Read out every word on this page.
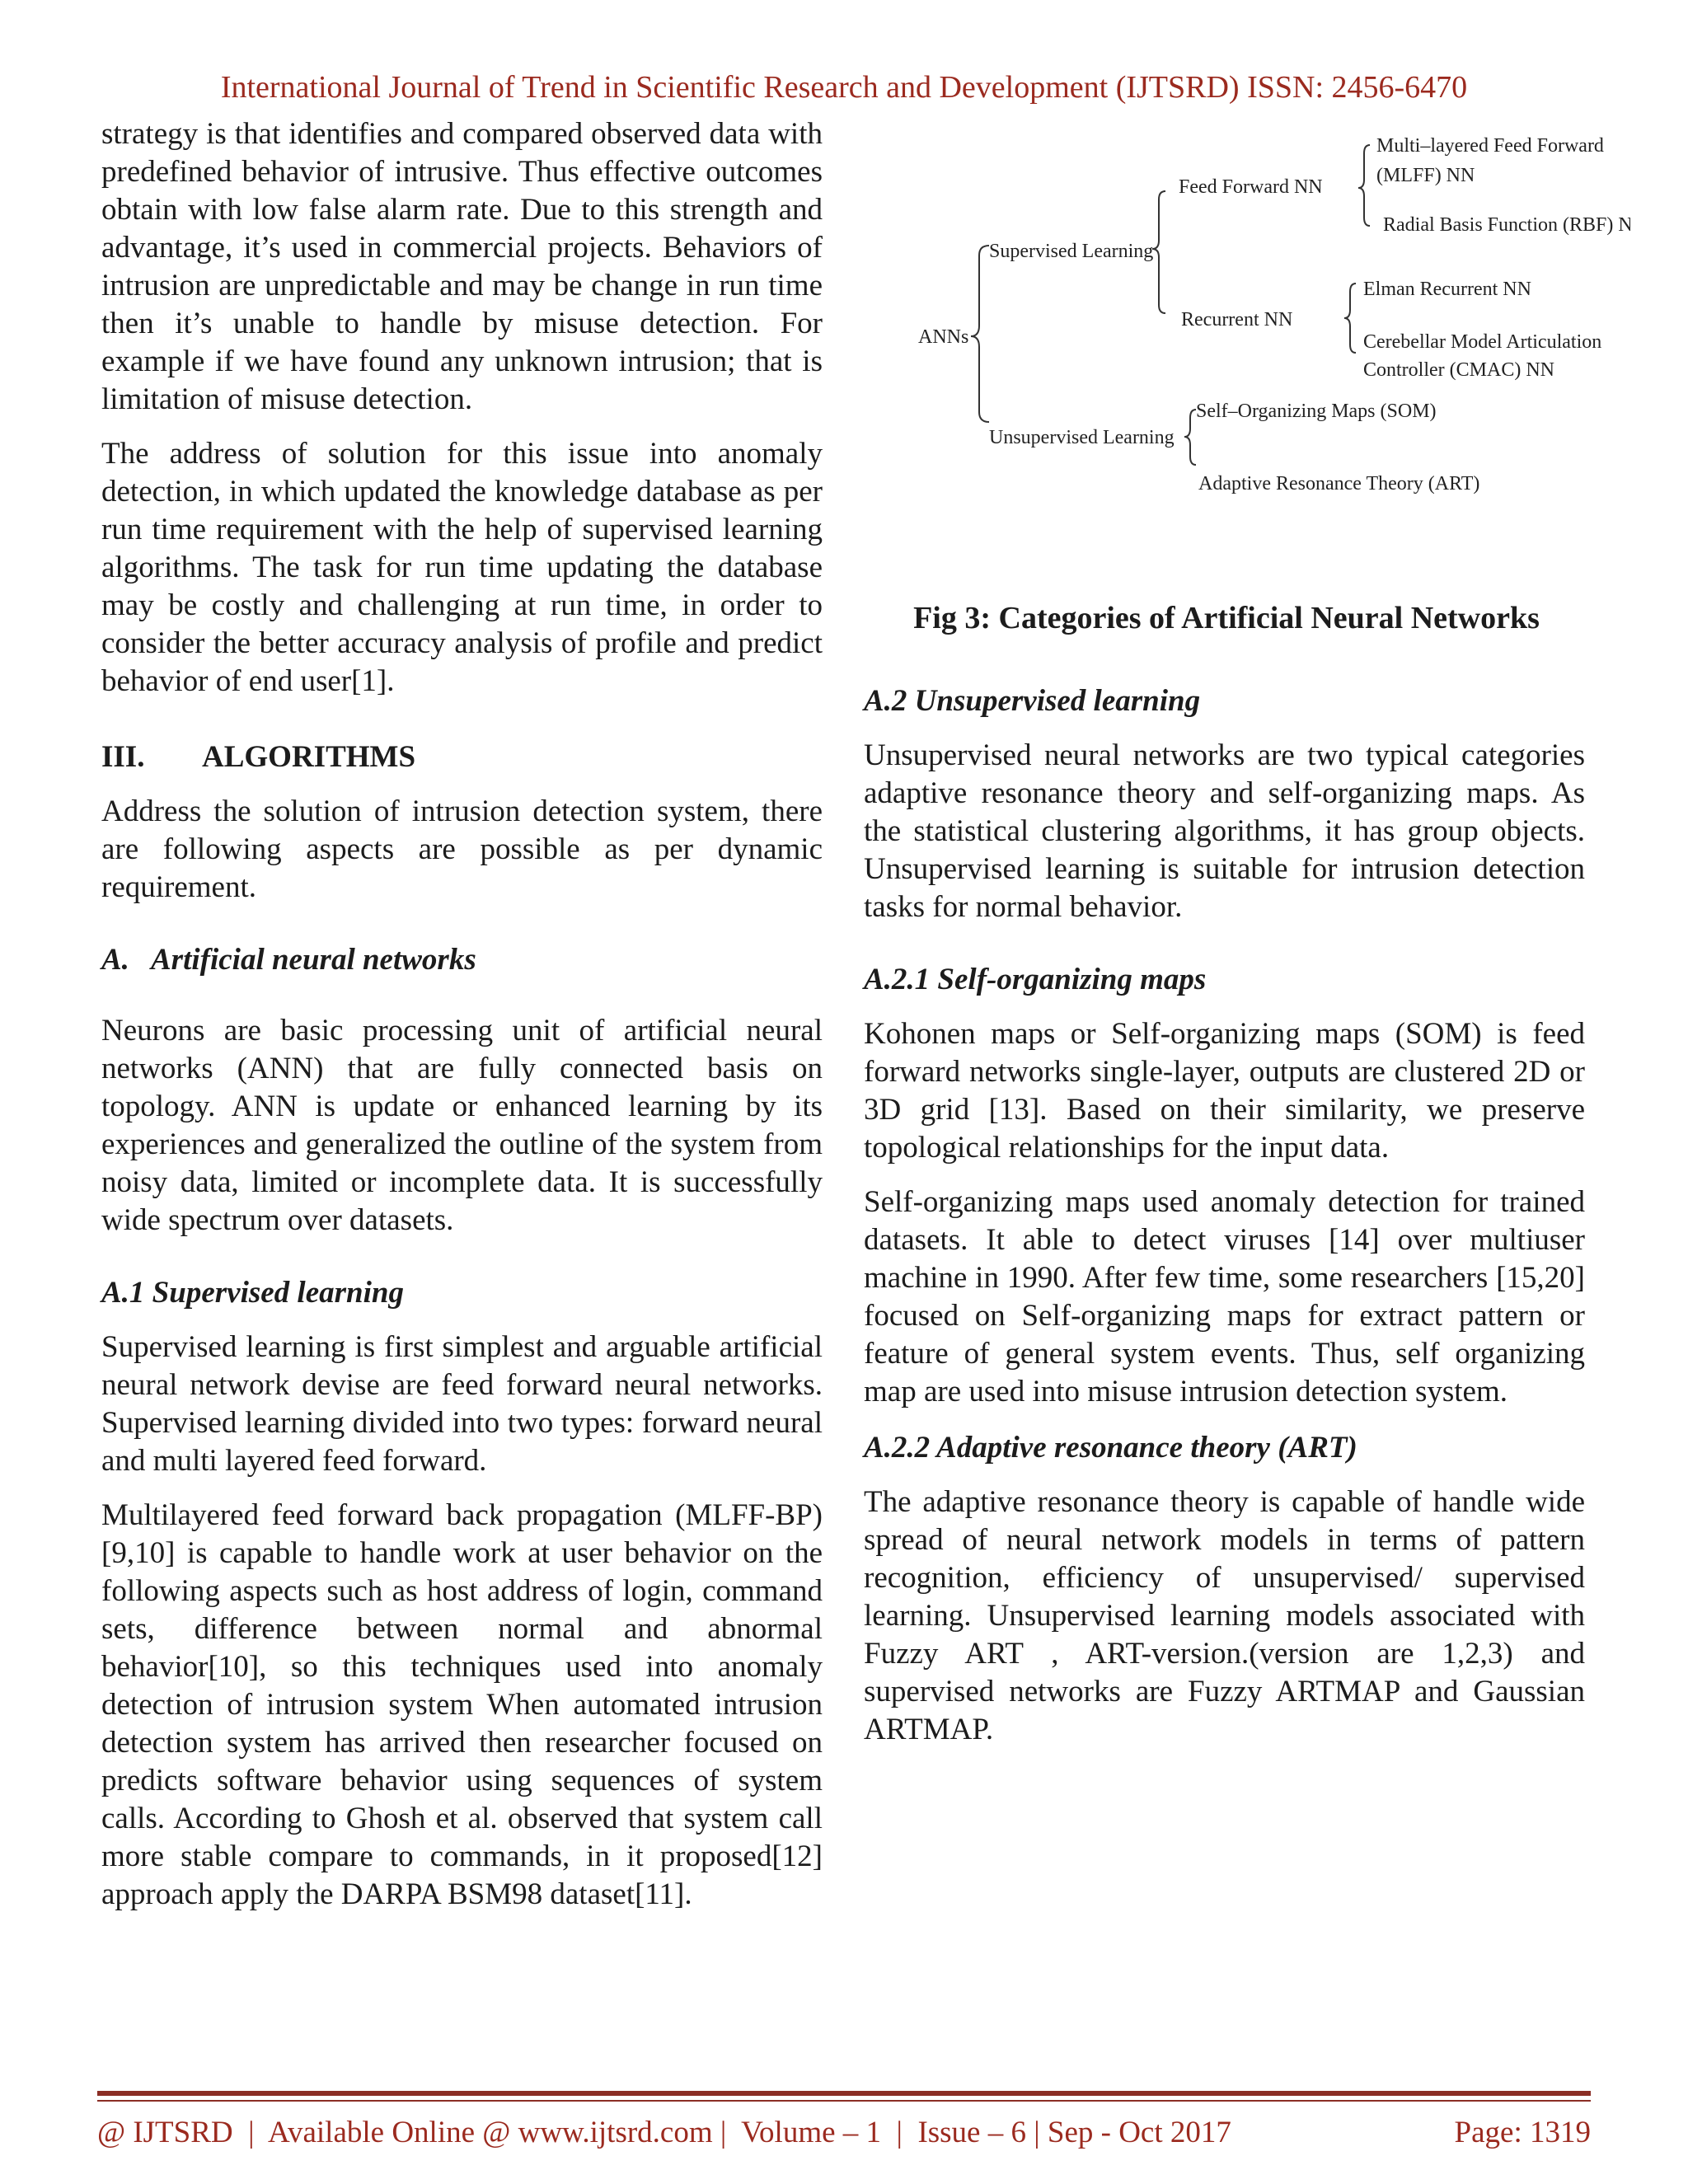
International Journal of Trend in Scientific Research and Development (IJTSRD) ISSN: 2456-6470

strategy is that identifies and compared observed data with predefined behavior of intrusive. Thus effective outcomes obtain with low false alarm rate. Due to this strength and advantage, it’s used in commercial projects. Behaviors of intrusion are unpredictable and may be change in run time then it’s unable to handle by misuse detection. For example if we have found any unknown intrusion; that is limitation of misuse detection.

The address of solution for this issue into anomaly detection, in which updated the knowledge database as per run time requirement with the help of supervised learning algorithms. The task for run time updating the database may be costly and challenging at run time, in order to consider the better accuracy analysis of profile and predict behavior of end user[1].

III. ALGORITHMS

Address the solution of intrusion detection system, there are following aspects are possible as per dynamic requirement.

A. Artificial neural networks

Neurons are basic processing unit of artificial neural networks (ANN) that are fully connected basis on topology. ANN is update or enhanced learning by its experiences and generalized the outline of the system from noisy data, limited or incomplete data. It is successfully wide spectrum over datasets.

A.1 Supervised learning

Supervised learning is first simplest and arguable artificial neural network devise are feed forward neural networks. Supervised learning divided into two types: forward neural and multi layered feed forward.

Multilayered feed forward back propagation (MLFF-BP)[9,10] is capable to handle work at user behavior on the following aspects such as host address of login, command sets, difference between normal and abnormal behavior[10], so this techniques used into anomaly detection of intrusion system When automated intrusion detection system has arrived then researcher focused on predicts software behavior using sequences of system calls. According to Ghosh et al. observed that system call more stable compare to commands, in it proposed[12] approach apply the DARPA BSM98 dataset[11].

ANNs
Supervised Learning
Unsupervised Learning
Feed Forward NN
Recurrent NN
Multi–layered Feed Forward
(MLFF) NN
Radial Basis Function (RBF) NN
Elman Recurrent NN
Cerebellar Model Articulation
Controller (CMAC) NN
Self–Organizing Maps (SOM)
Adaptive Resonance Theory (ART)
Fig 3: Categories of Artificial Neural Networks
A.2 Unsupervised learning

Unsupervised neural networks are two typical categories adaptive resonance theory and self-organizing maps. As the statistical clustering algorithms, it has group objects. Unsupervised learning is suitable for intrusion detection tasks for normal behavior.

A.2.1 Self-organizing maps

Kohonen maps or Self-organizing maps (SOM) is feed forward networks single-layer, outputs are clustered 2D or 3D grid [13]. Based on their similarity, we preserve topological relationships for the input data.

Self-organizing maps used anomaly detection for trained datasets. It able to detect viruses [14] over multiuser machine in 1990. After few time, some researchers [15,20] focused on Self-organizing maps for extract pattern or feature of general system events. Thus, self organizing map are used into misuse intrusion detection system.

A.2.2 Adaptive resonance theory (ART)

The adaptive resonance theory is capable of handle wide spread of neural network models in terms of pattern recognition, efficiency of unsupervised/ supervised learning. Unsupervised learning models associated with Fuzzy ART , ART-version.(version are 1,2,3) and supervised networks are Fuzzy ARTMAP and Gaussian ARTMAP.

@ IJTSRD  |  Available Online @ www.ijtsrd.com |  Volume – 1  |  Issue – 6 | Sep - Oct 2017	Page: 1319
